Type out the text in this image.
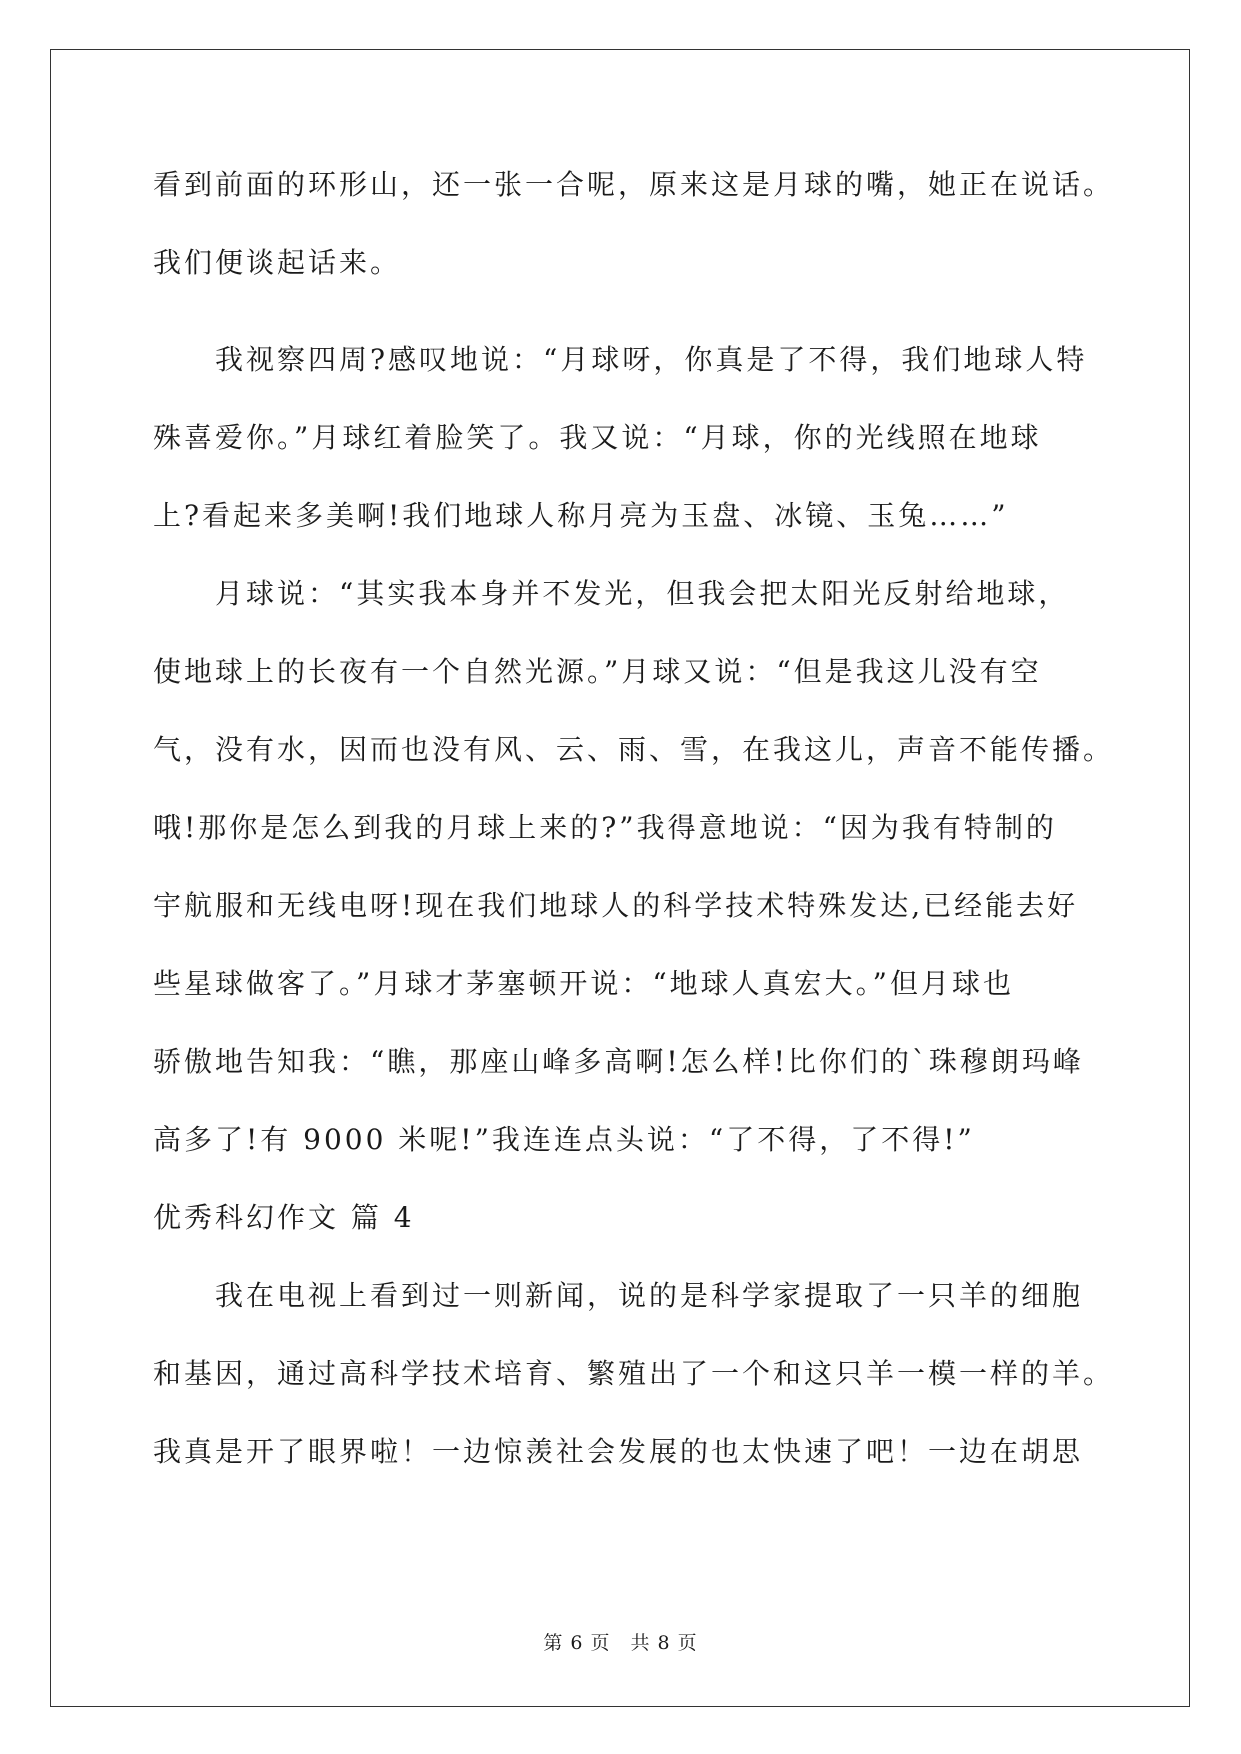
看到前面的环形山，还一张一合呢，原来这是月球的嘴，她正在说话。
我们便谈起话来。
　　我视察四周?感叹地说：“月球呀，你真是了不得，我们地球人特
殊喜爱你。”月球红着脸笑了。我又说：“月球，你的光线照在地球
上?看起来多美啊!我们地球人称月亮为玉盘、冰镜、玉兔……”
　　月球说：“其实我本身并不发光，但我会把太阳光反射给地球，
使地球上的长夜有一个自然光源。”月球又说：“但是我这儿没有空
气，没有水，因而也没有风、云、雨、雪，在我这儿，声音不能传播。
哦!那你是怎么到我的月球上来的?”我得意地说：“因为我有特制的
宇航服和无线电呀!现在我们地球人的科学技术特殊发达,已经能去好
些星球做客了。”月球才茅塞顿开说：“地球人真宏大。”但月球也
骄傲地告知我：“瞧，那座山峰多高啊!怎么样!比你们的`珠穆朗玛峰
高多了!有 9000 米呢!”我连连点头说：“了不得，了不得!”
优秀科幻作文 篇 4
　　我在电视上看到过一则新闻，说的是科学家提取了一只羊的细胞
和基因，通过高科学技术培育、繁殖出了一个和这只羊一模一样的羊。
我真是开了眼界啦！一边惊羡社会发展的也太快速了吧！一边在胡思
第 6 页　共 8 页
